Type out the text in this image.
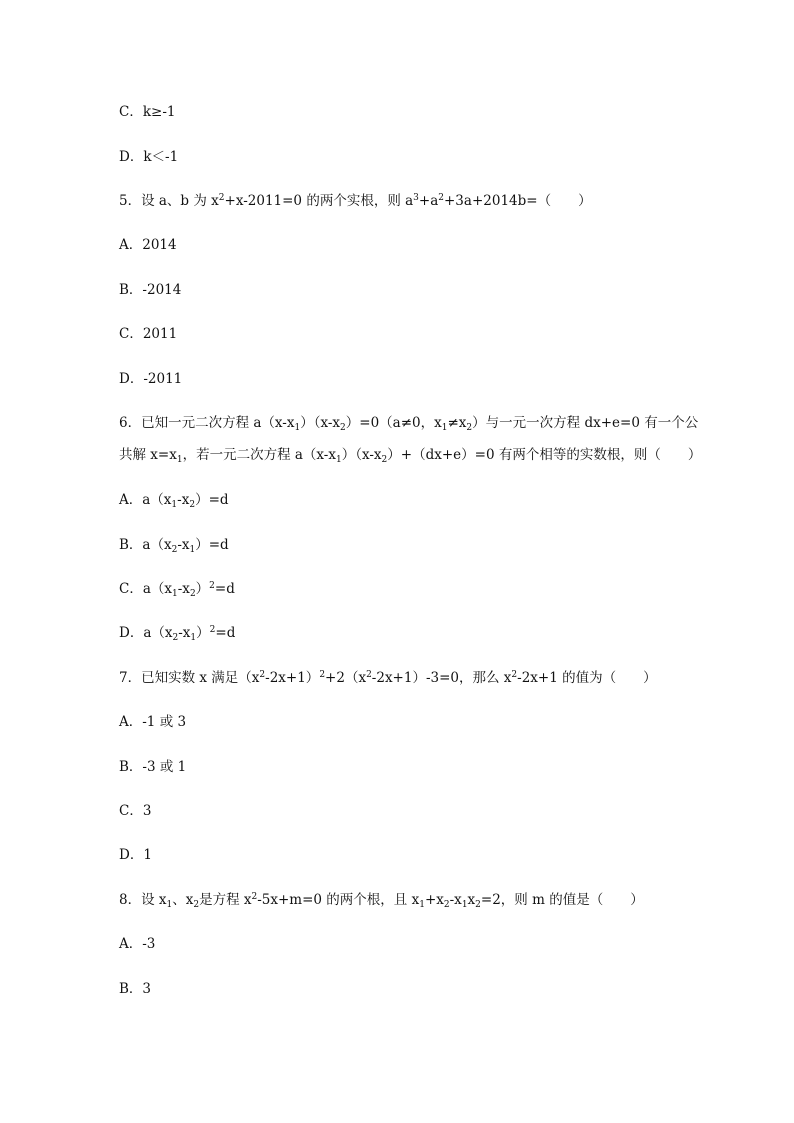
C．k≥-1
D．k＜-1
5．设 a、b 为 $x^2+x-2011=0$ 的两个实根，则 $a^3+a^2+3a+2014b=$（　　）
A．2014
B．-2014
C．2011
D．-2011
6．已知一元二次方程 $a(x-x_1)(x-x_2)=0(a\ne 0$，$x_1\ne x_2$）与一元一次方程 dx+e=0 有一个公
共解 $x=x_1$，若一元二次方程 $a(x-x_1)(x-x_2)+(dx+e)=0$ 有两个相等的实数根，则（　　）
A．$a(x_1-x_2)=d$
B．$a(x_2-x_1)=d$
C．$a(x_1-x_2)^2=d$
D．$a(x_2-x_1)^2=d$
7．已知实数 x 满足$(x^2-2x+1)^2+2(x^2-2x+1)-3=0$，那么 $x^2-2x+1$ 的值为（　　）
A．-1 或 3
B．-3 或 1
C．3
D．1
8．设 $x_1$、$x_2$是方程 $x^2-5x+m=0$ 的两个根，且 $x_1+x_2-x_1x_2=2$，则 m 的值是（　　）
A．-3
B．3
